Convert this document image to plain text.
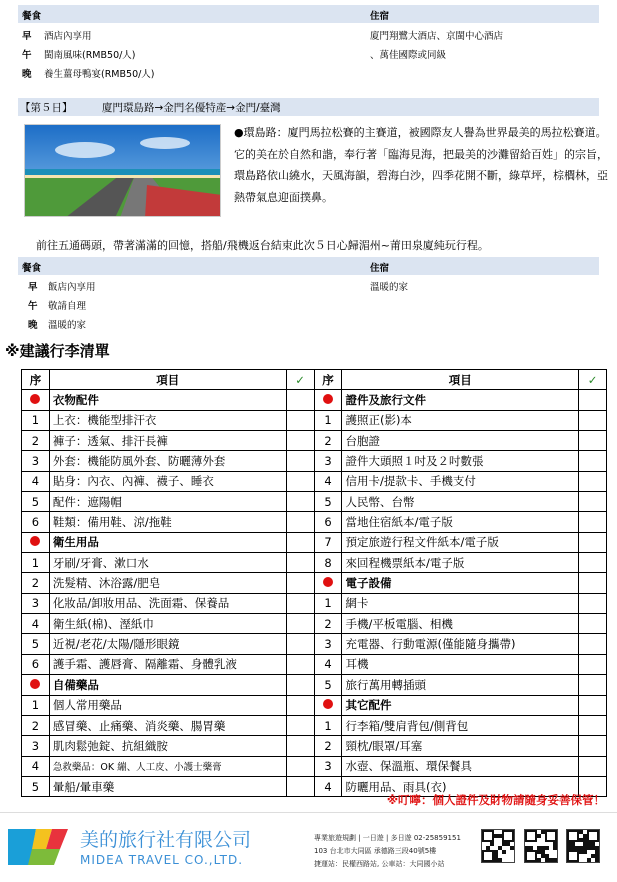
餐食	住宿
早 酒店內享用	廈門翔鷺大酒店、京閩中心酒店
午 閩南風味(RMB50/人)	、萬佳國際或同級
晚 養生薑母鴨宴(RMB50/人)
【第５日】	廈門環島路→金門名優特產→金門/臺灣
●環島路：廈門馬拉松賽的主賽道，被國際友人譽為世界最美的馬拉松賽道。它的美在於自然和諧，奉行著「臨海見海，把最美的沙灘留給百姓」的宗旨，環島路依山繞水，天風海韻，碧海白沙，四季花開不斷，綠草坪，棕櫚林，亞熱帶氣息迎面撲鼻。
前往五通碼頭，帶著滿滿的回憶，搭船/飛機返台結束此次５日心歸湄州~莆田泉廈純玩行程。
餐食	住宿
早 飯店內享用	溫暖的家
午 敬請自理
晚 溫暖的家
※建議行李清單
序	項目	✓	序	項目	✓
	衣物配件			證件及旅行文件	
1	上衣：機能型排汗衣		1	護照正(影)本	
2	褲子：透氣、排汗長褲		2	台胞證	
3	外套：機能防風外套、防曬薄外套		3	證件大頭照１吋及２吋數張	
4	貼身：內衣、內褲、襪子、睡衣		4	信用卡/提款卡、手機支付	
5	配件：遮陽帽		5	人民幣、台幣	
6	鞋類：備用鞋、涼/拖鞋		6	當地住宿紙本/電子版	
	衛生用品		7	預定旅遊行程文件紙本/電子版	
1	牙刷/牙膏、漱口水		8	來回程機票紙本/電子版	
2	洗髮精、沐浴露/肥皂			電子設備	
3	化妝品/卸妝用品、洗面霜、保養品		1	網卡	
4	衛生紙(棉)、溼紙巾		2	手機/平板電腦、相機	
5	近視/老花/太陽/隱形眼鏡		3	充電器、行動電源(僅能隨身攜帶)	
6	護手霜、護唇膏、隔離霜、身體乳液		4	耳機	
	自備藥品		5	旅行萬用轉插頭	
1	個人常用藥品			其它配件	
2	感冒藥、止痛藥、消炎藥、腸胃藥		1	行李箱/雙肩背包/側背包	
3	肌肉鬆弛錠、抗組織胺		2	頸枕/眼罩/耳塞	
4	急救藥品：OK 繃、人工皮、小護士藥膏		3	水壺、保溫瓶、環保餐具	
5	暈船/暈車藥		4	防曬用品、雨具(衣)	
※叮嚀：個人證件及財物請隨身妥善保管！
美的旅行社有限公司
MIDEA TRAVEL CO.,LTD.
專業旅遊規劃 | 一日遊 | 多日遊 02-25859151
103 台北市大同區 承德路三段40號5樓
捷運站：民權西路站, 公車站：大同國小站
